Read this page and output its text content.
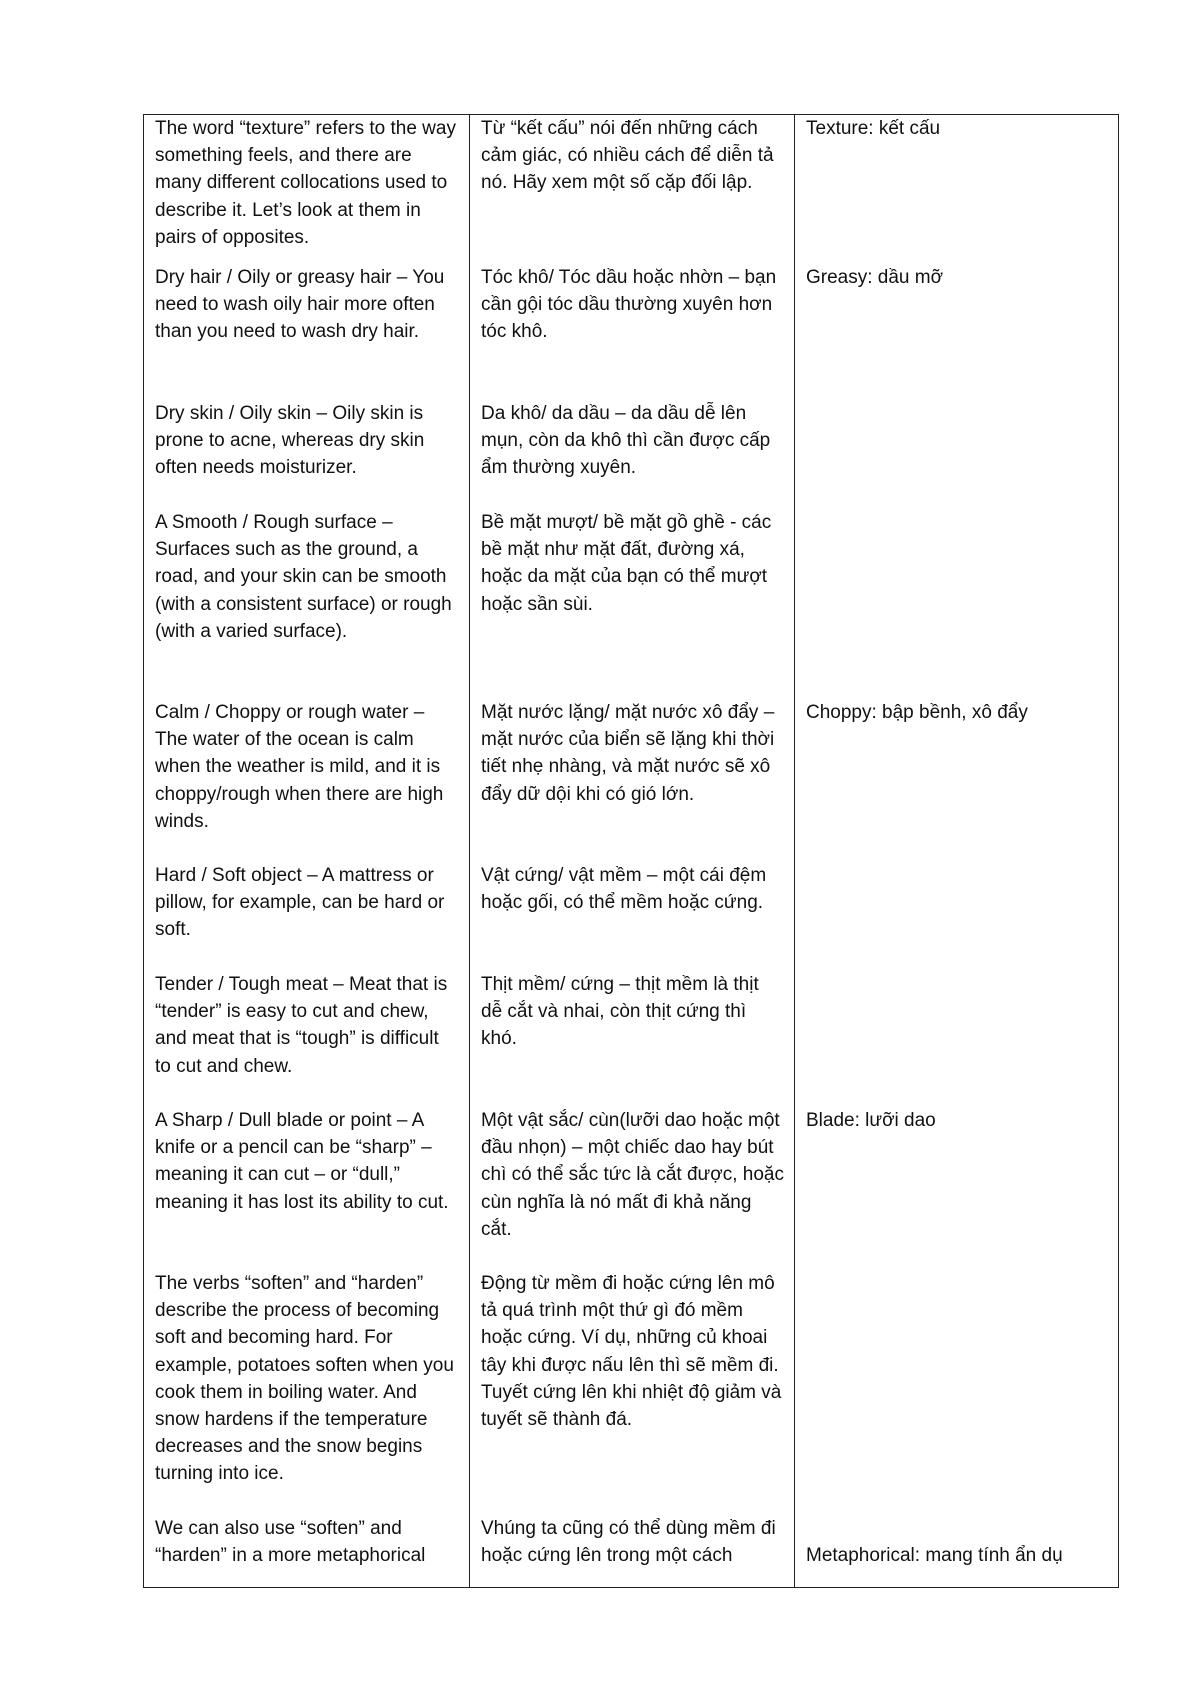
The word “texture” refers to the way something feels, and there are many different collocations used to describe it. Let’s look at them in pairs of opposites.

Dry hair / Oily or greasy hair – You need to wash oily hair more often than you need to wash dry hair.

Dry skin / Oily skin – Oily skin is prone to acne, whereas dry skin often needs moisturizer.

A Smooth / Rough surface – Surfaces such as the ground, a road, and your skin can be smooth (with a consistent surface) or rough (with a varied surface).

Calm / Choppy or rough water – The water of the ocean is calm when the weather is mild, and it is choppy/rough when there are high winds.

Hard / Soft object – A mattress or pillow, for example, can be hard or soft.

Tender / Tough meat – Meat that is “tender” is easy to cut and chew, and meat that is “tough” is difficult to cut and chew.

A Sharp / Dull blade or point – A knife or a pencil can be “sharp” – meaning it can cut – or “dull,” meaning it has lost its ability to cut.

The verbs “soften” and “harden” describe the process of becoming soft and becoming hard. For example, potatoes soften when you cook them in boiling water. And snow hardens if the temperature decreases and the snow begins turning into ice.

We can also use “soften” and “harden” in a more metaphorical

Từ “kết cấu” nói đến những cách cảm giác, có nhiều cách để diễn tả nó. Hãy xem một số cặp đối lập.

Tóc khô/ Tóc dầu hoặc nhờn – bạn cần gội tóc dầu thường xuyên hơn tóc khô.

Da khô/ da dầu – da dầu dễ lên mụn, còn da khô thì cần được cấp ẩm thường xuyên.

Bề mặt mượt/ bề mặt gồ ghề - các bề mặt như mặt đất, đường xá, hoặc da mặt của bạn có thể mượt hoặc sần sùi.

Mặt nước lặng/ mặt nước xô đẩy – mặt nước của biển sẽ lặng khi thời tiết nhẹ nhàng, và mặt nước sẽ xô đẩy dữ dội khi có gió lớn.

Vật cứng/ vật mềm – một cái đệm hoặc gối, có thể mềm hoặc cứng.

Thịt mềm/ cứng – thịt mềm là thịt dễ cắt và nhai, còn thịt cứng thì khó.

Một vật sắc/ cùn(lưỡi dao hoặc một đầu nhọn) – một chiếc dao hay bút chì có thể sắc tức là cắt được, hoặc cùn nghĩa là nó mất đi khả năng cắt.

Động từ mềm đi hoặc cứng lên mô tả quá trình một thứ gì đó mềm hoặc cứng. Ví dụ, những củ khoai tây khi được nấu lên thì sẽ mềm đi. Tuyết cứng lên khi nhiệt độ giảm và tuyết sẽ thành đá.

Vhúng ta cũng có thể dùng mềm đi hoặc cứng lên trong một cách

Texture: kết cấu

Greasy: dầu mỡ

Choppy: bập bềnh, xô đẩy

Blade: lưỡi dao

Metaphorical: mang tính ẩn dụ
